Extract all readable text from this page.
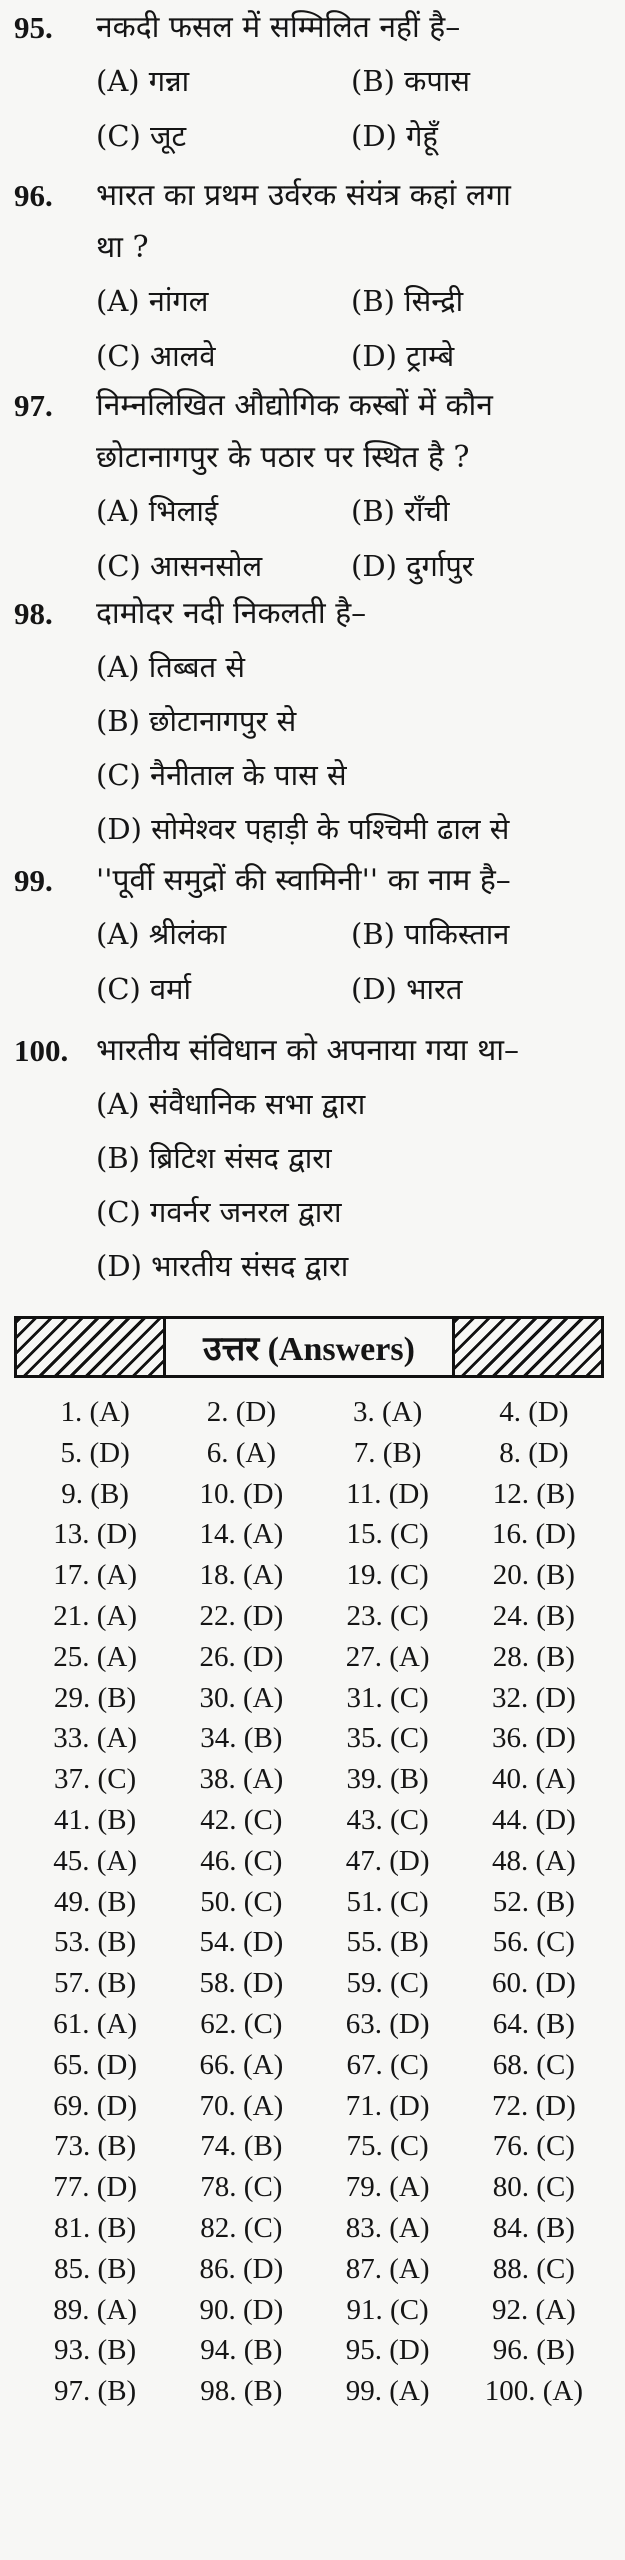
95.	नकदी फसल में सम्मिलित नहीं है–
(A) गन्ना	(B) कपास
(C) जूट	(D) गेहूँ
96.	भारत का प्रथम उर्वरक संयंत्र कहां लगा
था ?
(A) नांगल	(B) सिन्द्री
(C) आलवे	(D) ट्राम्बे
97.	निम्नलिखित औद्योगिक कस्बों में कौन
छोटानागपुर के पठार पर स्थित है ?
(A) भिलाई	(B) राँची
(C) आसनसोल	(D) दुर्गापुर
98.	दामोदर नदी निकलती है–
(A) तिब्बत से
(B) छोटानागपुर से
(C) नैनीताल के पास से
(D) सोमेश्वर पहाड़ी के पश्चिमी ढाल से
99.	''पूर्वी समुद्रों की स्वामिनी'' का नाम है–
(A) श्रीलंका	(B) पाकिस्तान
(C) वर्मा	(D) भारत
100. भारतीय संविधान को अपनाया गया था–
(A) संवैधानिक सभा द्वारा
(B) ब्रिटिश संसद द्वारा
(C) गवर्नर जनरल द्वारा
(D) भारतीय संसद द्वारा
उत्तर (Answers)
1. (A)	2. (D)	3. (A)	4. (D)
5. (D)	6. (A)	7. (B)	8. (D)
9. (B)	10. (D)	11. (D)	12. (B)
13. (D)	14. (A)	15. (C)	16. (D)
17. (A)	18. (A)	19. (C)	20. (B)
21. (A)	22. (D)	23. (C)	24. (B)
25. (A)	26. (D)	27. (A)	28. (B)
29. (B)	30. (A)	31. (C)	32. (D)
33. (A)	34. (B)	35. (C)	36. (D)
37. (C)	38. (A)	39. (B)	40. (A)
41. (B)	42. (C)	43. (C)	44. (D)
45. (A)	46. (C)	47. (D)	48. (A)
49. (B)	50. (C)	51. (C)	52. (B)
53. (B)	54. (D)	55. (B)	56. (C)
57. (B)	58. (D)	59. (C)	60. (D)
61. (A)	62. (C)	63. (D)	64. (B)
65. (D)	66. (A)	67. (C)	68. (C)
69. (D)	70. (A)	71. (D)	72. (D)
73. (B)	74. (B)	75. (C)	76. (C)
77. (D)	78. (C)	79. (A)	80. (C)
81. (B)	82. (C)	83. (A)	84. (B)
85. (B)	86. (D)	87. (A)	88. (C)
89. (A)	90. (D)	91. (C)	92. (A)
93. (B)	94. (B)	95. (D)	96. (B)
97. (B)	98. (B)	99. (A)	100. (A)
